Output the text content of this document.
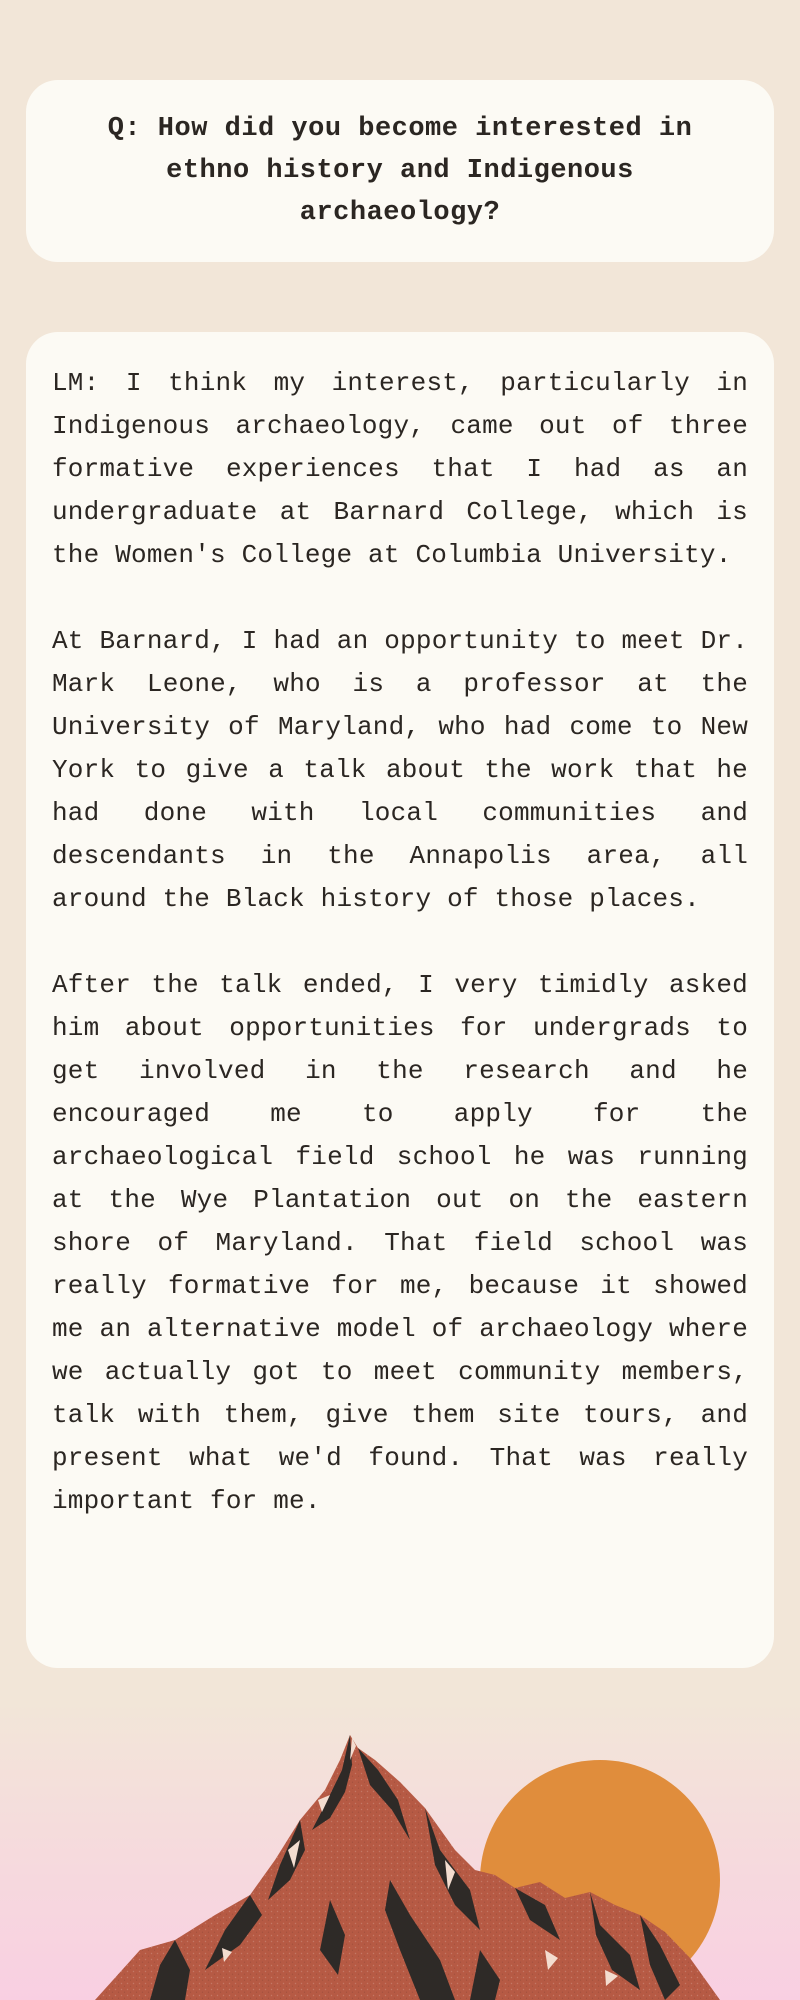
Q: How did you become interested in ethno history and Indigenous archaeology?

LM: I think my interest, particularly in Indigenous archaeology, came out of three formative experiences that I had as an undergraduate at Barnard College, which is the Women's College at Columbia University.

At Barnard, I had an opportunity to meet Dr. Mark Leone, who is a professor at the University of Maryland, who had come to New York to give a talk about the work that he had done with local communities and descendants in the Annapolis area, all around the Black history of those places.

After the talk ended, I very timidly asked him about opportunities for undergrads to get involved in the research and he encouraged me to apply for the archaeological field school he was running at the Wye Plantation out on the eastern shore of Maryland. That field school was really formative for me, because it showed me an alternative model of archaeology where we actually got to meet community members, talk with them, give them site tours, and present what we'd found. That was really important for me.
